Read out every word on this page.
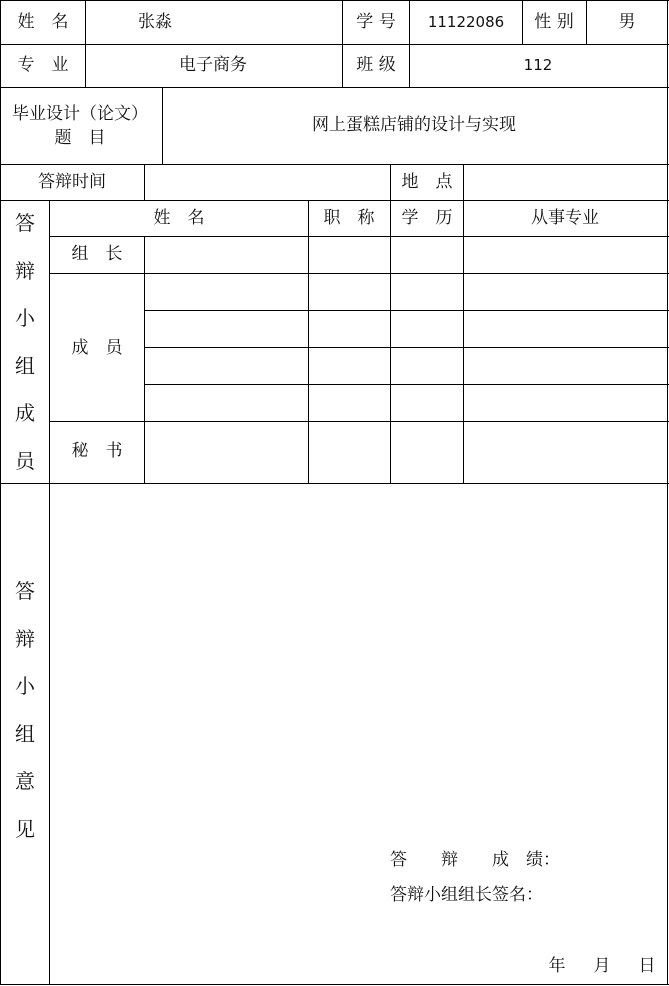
姓　名	张淼	学 号 11122086 性 别	男
专　业	电子商务	班 级	112
毕业设计（论文）
题　目
网上蛋糕店铺的设计与实现
答辩时间	地　点
答
辩
小
组
成
员
姓　名	职　称 学　历	从事专业
组　长
成　员
秘　书
答
辩
小
组
意
见
答　　辩　　成　绩：
答辩小组组长签名：
年 月 日
